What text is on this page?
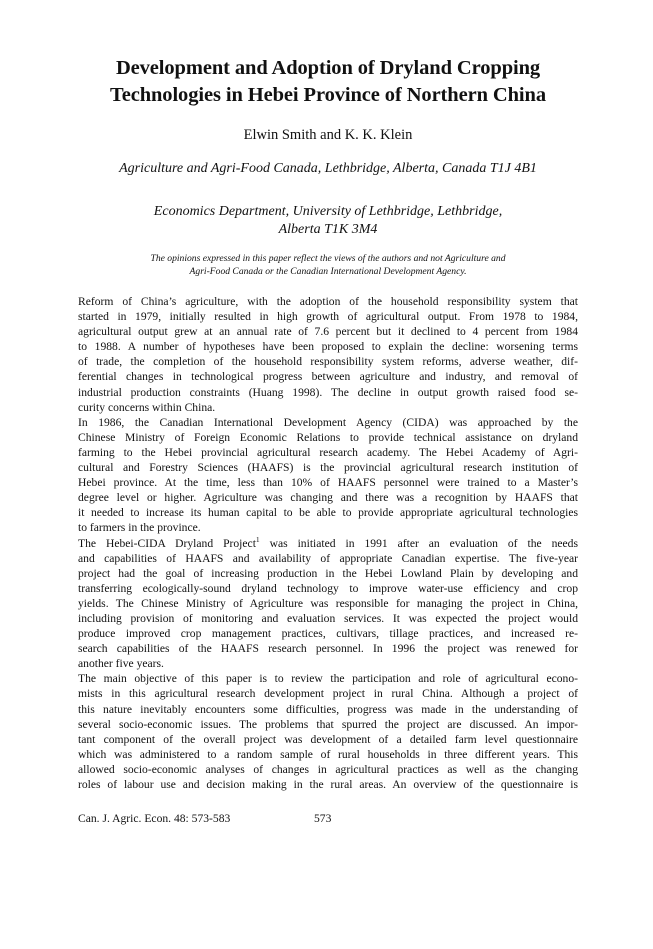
Development and Adoption of Dryland Cropping
Technologies in Hebei Province of Northern China
Elwin Smith and K. K. Klein
Agriculture and Agri-Food Canada, Lethbridge, Alberta, Canada T1J 4B1
Economics Department, University of Lethbridge, Lethbridge,
Alberta T1K 3M4
The opinions expressed in this paper reflect the views of the authors and not Agriculture and
Agri-Food Canada or the Canadian International Development Agency.
Reform of China’s agriculture, with the adoption of the household responsibility system that
started in 1979, initially resulted in high growth of agricultural output. From 1978 to 1984,
agricultural output grew at an annual rate of 7.6 percent but it declined to 4 percent from 1984
to 1988. A number of hypotheses have been proposed to explain the decline: worsening terms
of trade, the completion of the household responsibility system reforms, adverse weather, dif-
ferential changes in technological progress between agriculture and industry, and removal of
industrial production constraints (Huang 1998). The decline in output growth raised food se-
curity concerns within China.
In 1986, the Canadian International Development Agency (CIDA) was approached by the
Chinese Ministry of Foreign Economic Relations to provide technical assistance on dryland
farming to the Hebei provincial agricultural research academy. The Hebei Academy of Agri-
cultural and Forestry Sciences (HAAFS) is the provincial agricultural research institution of
Hebei province. At the time, less than 10% of HAAFS personnel were trained to a Master’s
degree level or higher. Agriculture was changing and there was a recognition by HAAFS that
it needed to increase its human capital to be able to provide appropriate agricultural technologies
to farmers in the province.
The Hebei-CIDA Dryland Project$^1$ was initiated in 1991 after an evaluation of the needs
and capabilities of HAAFS and availability of appropriate Canadian expertise. The five-year
project had the goal of increasing production in the Hebei Lowland Plain by developing and
transferring ecologically-sound dryland technology to improve water-use efficiency and crop
yields. The Chinese Ministry of Agriculture was responsible for managing the project in China,
including provision of monitoring and evaluation services. It was expected the project would
produce improved crop management practices, cultivars, tillage practices, and increased re-
search capabilities of the HAAFS research personnel. In 1996 the project was renewed for
another five years.
The main objective of this paper is to review the participation and role of agricultural econo-
mists in this agricultural research development project in rural China. Although a project of
this nature inevitably encounters some difficulties, progress was made in the understanding of
several socio-economic issues. The problems that spurred the project are discussed. An impor-
tant component of the overall project was development of a detailed farm level questionnaire
which was administered to a random sample of rural households in three different years. This
allowed socio-economic analyses of changes in agricultural practices as well as the changing
roles of labour use and decision making in the rural areas. An overview of the questionnaire is
Can. J. Agric. Econ. 48: 573-583	573
